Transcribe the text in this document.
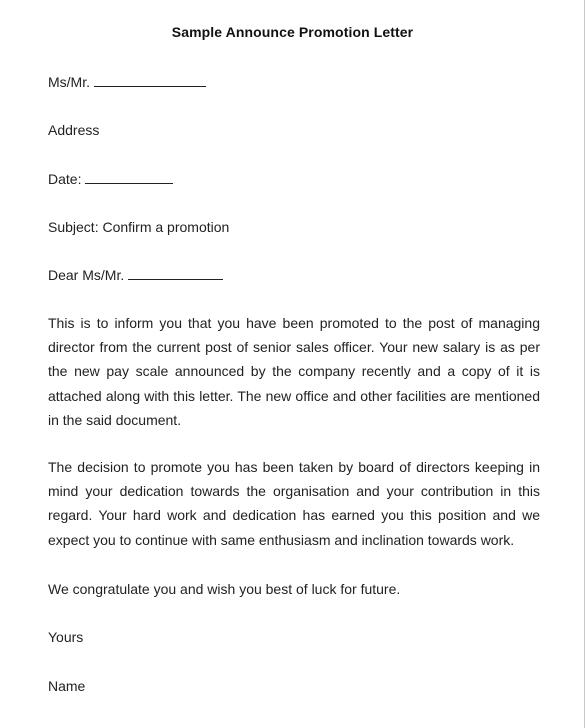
Sample Announce Promotion Letter
Ms/Mr.
Address
Date:
Subject: Confirm a promotion
Dear Ms/Mr.
This is to inform you that you have been promoted to the post of managing director from the current post of senior sales officer. Your new salary is as per the new pay scale announced by the company recently and a copy of it is attached along with this letter. The new office and other facilities are mentioned in the said document.
The decision to promote you has been taken by board of directors keeping in mind your dedication towards the organisation and your contribution in this regard. Your hard work and dedication has earned you this position and we expect you to continue with same enthusiasm and inclination towards work.
We congratulate you and wish you best of luck for future.
Yours
Name
